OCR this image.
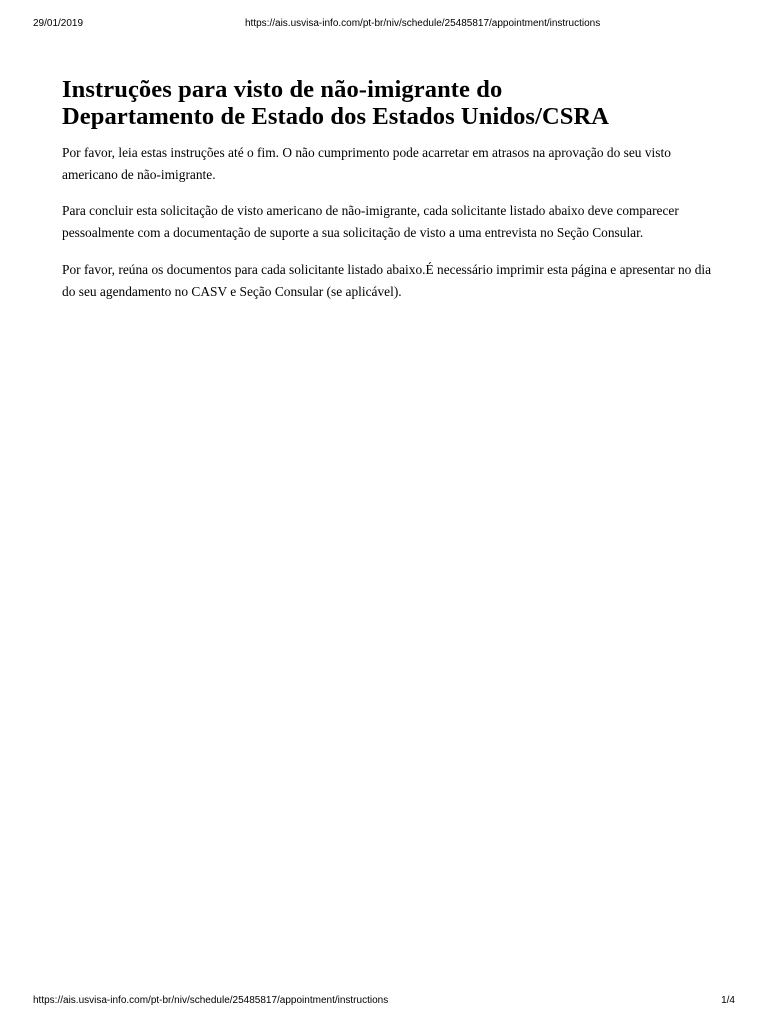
29/01/2019	https://ais.usvisa-info.com/pt-br/niv/schedule/25485817/appointment/instructions
Instruções para visto de não-imigrante do
Departamento de Estado dos Estados Unidos/CSRA

Por favor, leia estas instruções até o fim. O não cumprimento pode acarretar em atrasos na aprovação do seu visto americano de não-imigrante.

Para concluir esta solicitação de visto americano de não-imigrante, cada solicitante listado abaixo deve comparecer pessoalmente com a documentação de suporte a sua solicitação de visto a uma entrevista no Seção Consular.

Por favor, reúna os documentos para cada solicitante listado abaixo.É necessário imprimir esta página e apresentar no dia do seu agendamento no CASV e Seção Consular (se aplicável).

https://ais.usvisa-info.com/pt-br/niv/schedule/25485817/appointment/instructions	1/4
